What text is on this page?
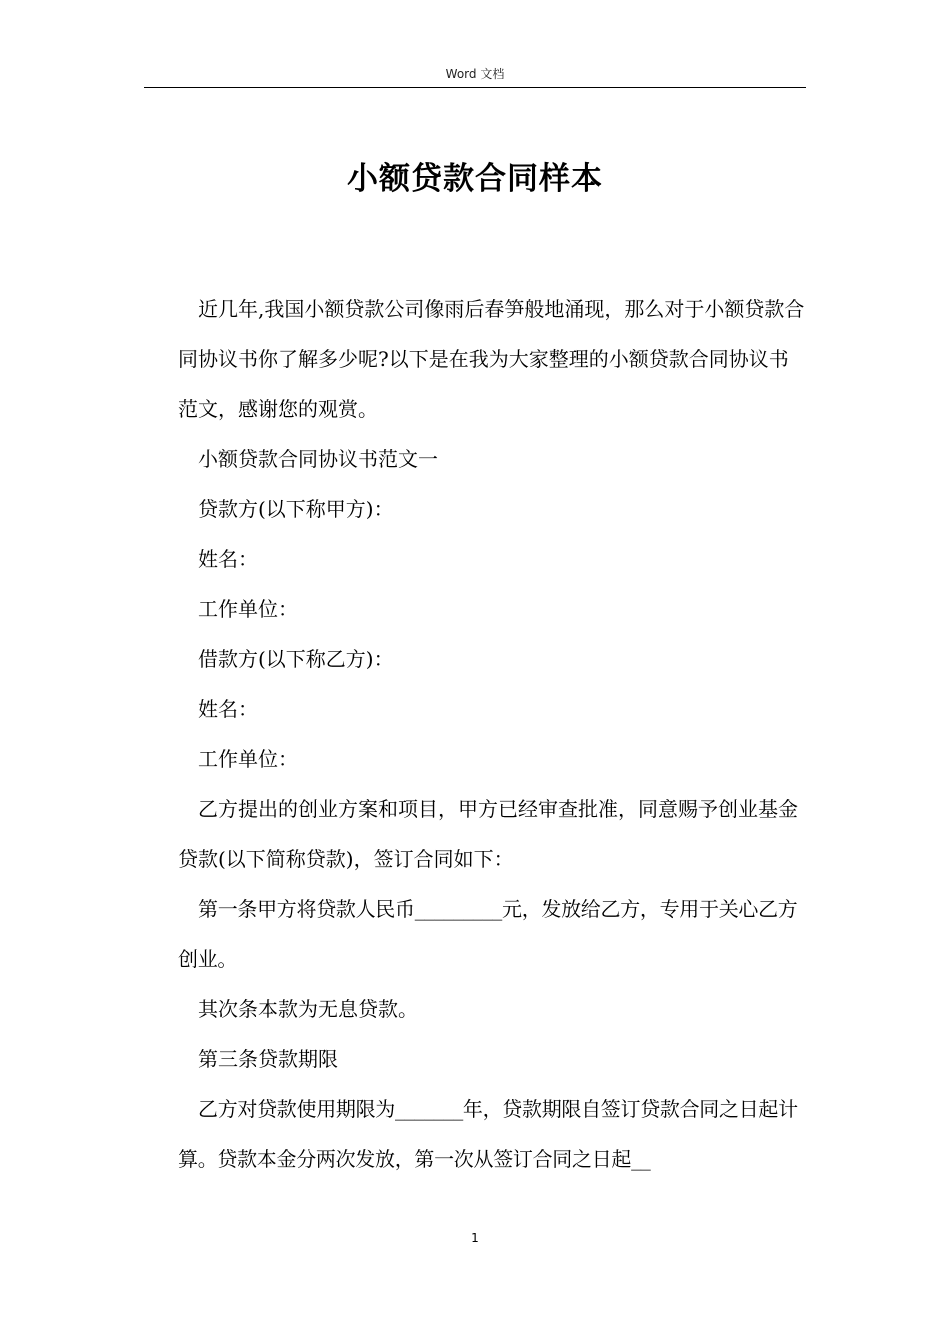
Word 文档
小额贷款合同样本

近几年,我国小额贷款公司像雨后春笋般地涌现，那么对于小额贷款合同协议书你了解多少呢?以下是在我为大家整理的小额贷款合同协议书范文，感谢您的观赏。

小额贷款合同协议书范文一

贷款方(以下称甲方)：

姓名：

工作单位：

借款方(以下称乙方)：

姓名：

工作单位：

乙方提出的创业方案和项目，甲方已经审查批准，同意赐予创业基金贷款(以下简称贷款)，签订合同如下：

第一条甲方将贷款人民币_________元，发放给乙方，专用于关心乙方创业。

其次条本款为无息贷款。

第三条贷款期限

乙方对贷款使用期限为_______年，贷款期限自签订贷款合同之日起计算。贷款本金分两次发放，第一次从签订合同之日起__

1
